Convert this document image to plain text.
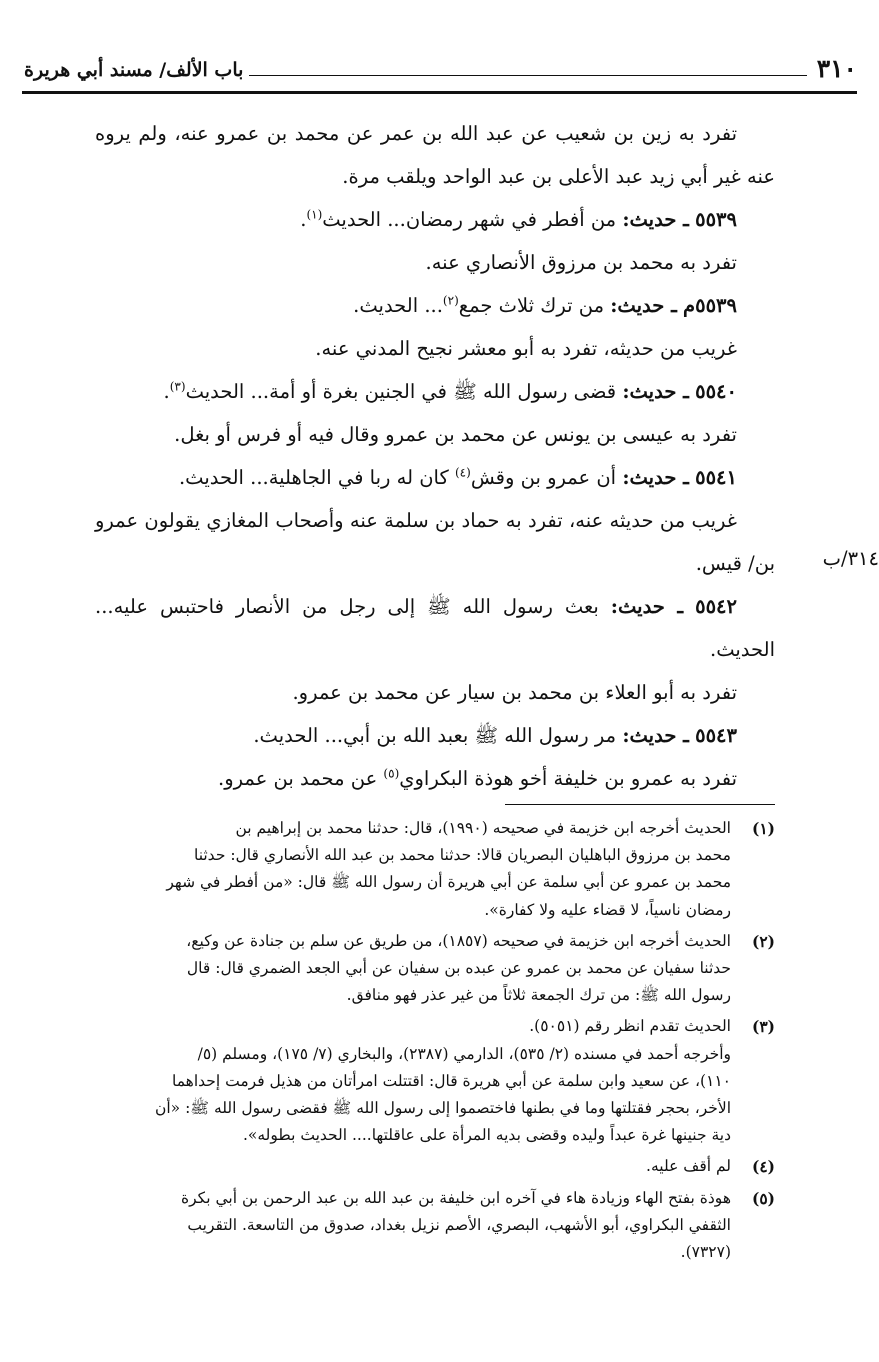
٣١٠
باب الألف/ مسند أبي هريرة

تفرد به زين بن شعيب عن عبد الله بن عمر عن محمد بن عمرو عنه، ولم يروه عنه غير أبي زيد عبد الأعلى بن عبد الواحد ويلقب مرة.

٥٥٣٩ ـ حديث: من أفطر في شهر رمضان... الحديث$^{(١)}$.

تفرد به محمد بن مرزوق الأنصاري عنه.

٥٥٣٩م ـ حديث: من ترك ثلاث جمع$^{(٢)}$... الحديث.

غريب من حديثه، تفرد به أبو معشر نجيح المدني عنه.

٥٥٤٠ ـ حديث: قضى رسول الله ﷺ في الجنين بغرة أو أمة... الحديث$^{(٣)}$.

تفرد به عيسى بن يونس عن محمد بن عمرو وقال فيه أو فرس أو بغل.

٥٥٤١ ـ حديث: أن عمرو بن وقش$^{(٤)}$ كان له ربا في الجاهلية... الحديث.

غريب من حديثه عنه، تفرد به حماد بن سلمة عنه وأصحاب المغازي يقولون عمرو بن/ قيس.

٥٥٤٢ ـ حديث: بعث رسول الله ﷺ إلى رجل من الأنصار فاحتبس عليه... الحديث.

تفرد به أبو العلاء بن محمد بن سيار عن محمد بن عمرو.

٥٥٤٣ ـ حديث: مر رسول الله ﷺ بعبد الله بن أبي... الحديث.

تفرد به عمرو بن خليفة أخو هوذة البكراوي$^{(٥)}$ عن محمد بن عمرو.

٣١٤/ب
(١)
الحديث أخرجه ابن خزيمة في صحيحه (١٩٩٠)، قال: حدثنا محمد بن إبراهيم بن
محمد بن مرزوق الباهليان البصريان قالا: حدثنا محمد بن عبد الله الأنصاري قال: حدثنا
محمد بن عمرو عن أبي سلمة عن أبي هريرة أن رسول الله ﷺ قال: «من أفطر في شهر
رمضان ناسياً، لا قضاء عليه ولا كفارة».
(٢)
الحديث أخرجه ابن خزيمة في صحيحه (١٨٥٧)، من طريق عن سلم بن جنادة عن وكيع،
حدثنا سفيان عن محمد بن عمرو عن عبده بن سفيان عن أبي الجعد الضمري قال: قال
رسول الله ﷺ: من ترك الجمعة ثلاثاً من غير عذر فهو منافق.
(٣)
الحديث تقدم انظر رقم (٥٠٥١).
وأخرجه أحمد في مسنده (٢/ ٥٣٥)، الدارمي (٢٣٨٧)، والبخاري (٧/ ١٧٥)، ومسلم (٥/
١١٠)، عن سعيد وابن سلمة عن أبي هريرة قال: اقتتلت امرأتان من هذيل فرمت إحداهما
الأخر، بحجر فقتلتها وما في بطنها فاختصموا إلى رسول الله ﷺ فقضى رسول الله ﷺ: «أن
دية جنينها غرة عبداً وليده وقضى بديه المرأة على عاقلتها.... الحديث بطوله».
(٤)
لم أقف عليه.
(٥)
هوذة بفتح الهاء وزيادة هاء في آخره ابن خليفة بن عبد الله بن عبد الرحمن بن أبي بكرة
الثقفي البكراوي، أبو الأشهب، البصري، الأصم نزيل بغداد، صدوق من التاسعة. التقريب
(٧٣٢٧).
